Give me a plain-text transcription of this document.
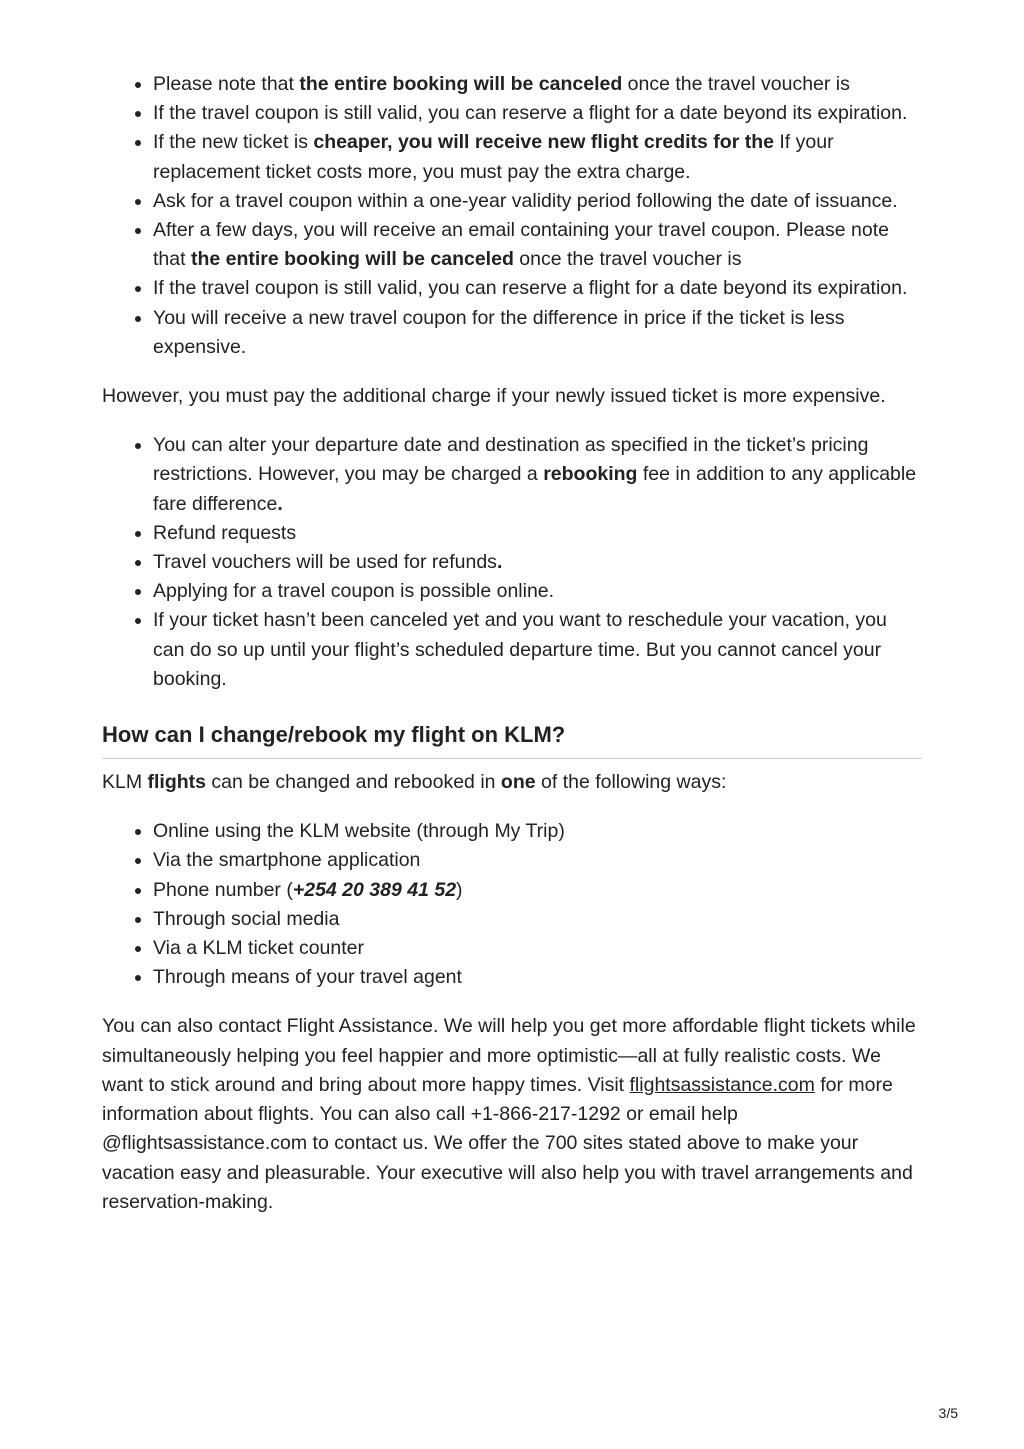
• Please note that the entire booking will be canceled once the travel voucher is
• If the travel coupon is still valid, you can reserve a flight for a date beyond its expiration.
• If the new ticket is cheaper, you will receive new flight credits for the If your replacement ticket costs more, you must pay the extra charge.
• Ask for a travel coupon within a one-year validity period following the date of issuance.
• After a few days, you will receive an email containing your travel coupon. Please note that the entire booking will be canceled once the travel voucher is
• If the travel coupon is still valid, you can reserve a flight for a date beyond its expiration.
• You will receive a new travel coupon for the difference in price if the ticket is less expensive.

However, you must pay the additional charge if your newly issued ticket is more expensive.

• You can alter your departure date and destination as specified in the ticket’s pricing restrictions. However, you may be charged a rebooking fee in addition to any applicable fare difference.
• Refund requests
• Travel vouchers will be used for refunds.
• Applying for a travel coupon is possible online.
• If your ticket hasn’t been canceled yet and you want to reschedule your vacation, you can do so up until your flight’s scheduled departure time. But you cannot cancel your booking.
How can I change/rebook my flight on KLM?

KLM flights can be changed and rebooked in one of the following ways:

• Online using the KLM website (through My Trip)
• Via the smartphone application
• Phone number (+254 20 389 41 52)
• Through social media
• Via a KLM ticket counter
• Through means of your travel agent

You can also contact Flight Assistance. We will help you get more affordable flight tickets while simultaneously helping you feel happier and more optimistic—all at fully realistic costs. We want to stick around and bring about more happy times. Visit flightsassistance.com for more information about flights. You can also call +1-866-217-1292 or email help @flightsassistance.com to contact us. We offer the 700 sites stated above to make your vacation easy and pleasurable. Your executive will also help you with travel arrangements and reservation-making.

3/5
